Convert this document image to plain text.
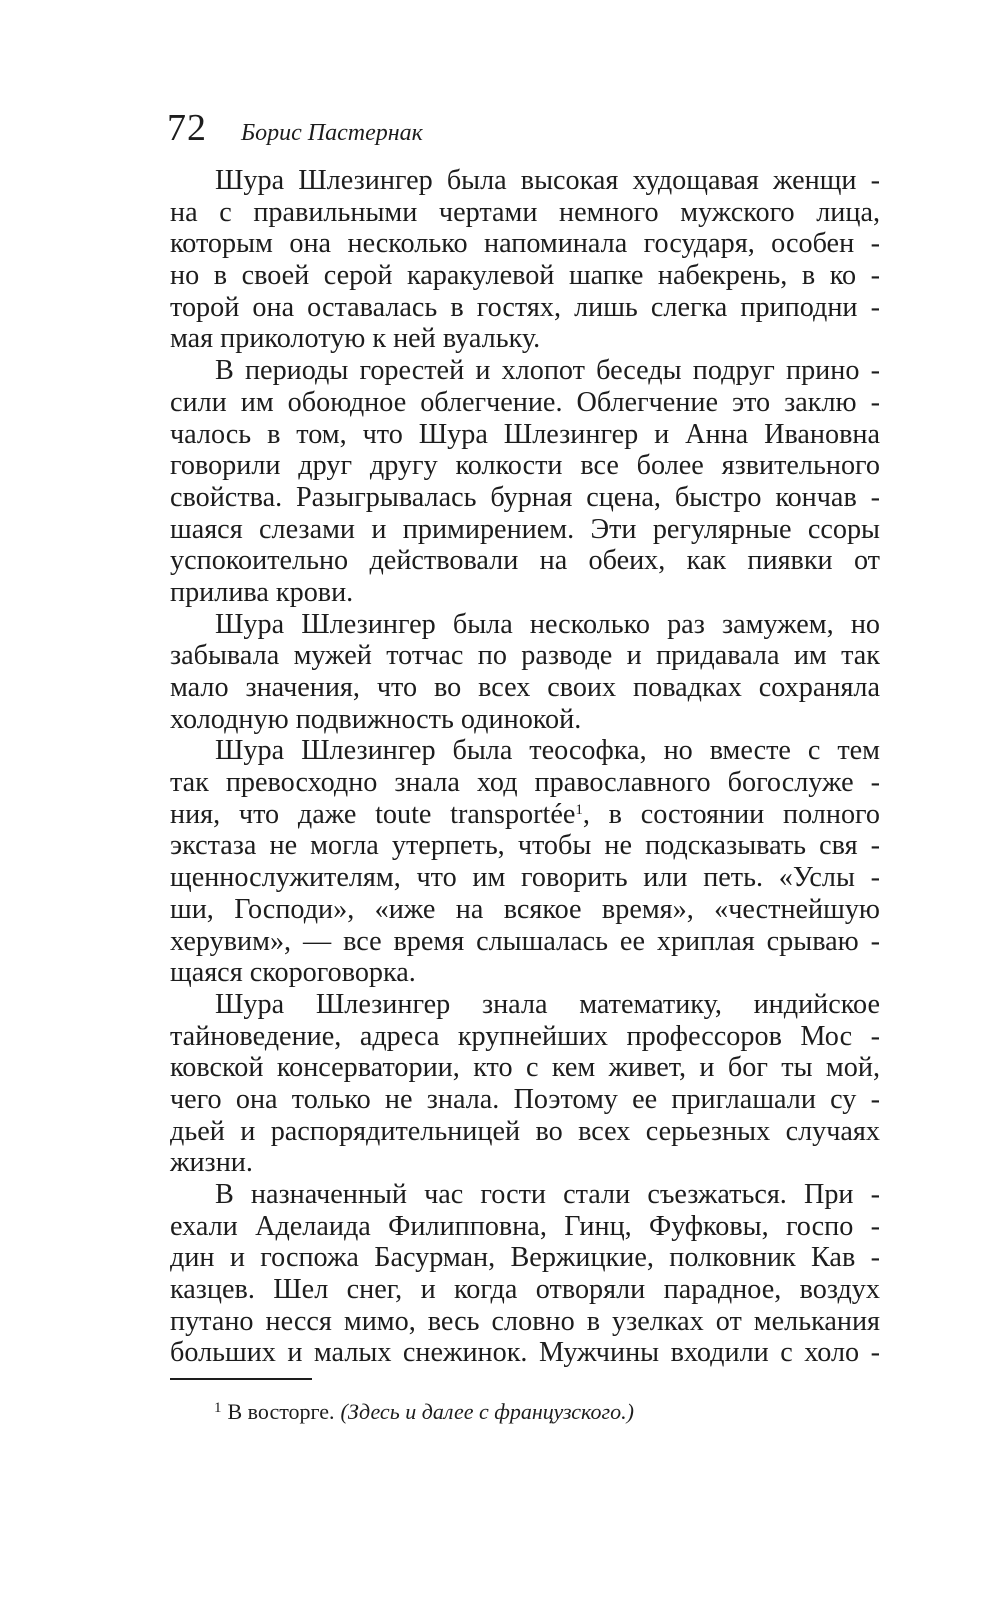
72 Борис Пастернак
Шура Шлезингер была высокая худощавая женщи -
на с правильными чертами немного мужского лица,
которым она несколько напоминала государя, особен -
но в своей серой каракулевой шапке набекрень, в ко -
торой она оставалась в гостях, лишь слегка приподни -
мая приколотую к ней вуальку.
В периоды горестей и хлопот беседы подруг прино -
сили им обоюдное облегчение. Облегчение это заклю -
чалось в том, что Шура Шлезингер и Анна Ивановна
говорили друг другу колкости все более язвительного
свойства. Разыгрывалась бурная сцена, быстро кончав -
шаяся слезами и примирением. Эти регулярные ссоры
успокоительно действовали на обеих, как пиявки от
прилива крови.
Шура Шлезингер была несколько раз замужем, но
забывала мужей тотчас по разводе и придавала им так
мало значения, что во всех своих повадках сохраняла
холодную подвижность одинокой.
Шура Шлезингер была теософка, но вместе с тем
так превосходно знала ход православного богослуже -
ния, что даже toute transportée$^1$, в состоянии полного
экстаза не могла утерпеть, чтобы не подсказывать свя -
щеннослужителям, что им говорить или петь. «Услы -
ши, Господи», «иже на всякое время», «честнейшую
херувим», — все время слышалась ее хриплая срываю -
щаяся скороговорка.
Шура Шлезингер знала математику, индийское
тайноведение, адреса крупнейших профессоров Мос -
ковской консерватории, кто с кем живет, и бог ты мой,
чего она только не знала. Поэтому ее приглашали су -
дьей и распорядительницей во всех серьезных случаях
жизни.
В назначенный час гости стали съезжаться. При -
ехали Аделаида Филипповна, Гинц, Фуфковы, госпо -
дин и госпожа Басурман, Вержицкие, полковник Кав -
казцев. Шел снег, и когда отворяли парадное, воздух
путано несся мимо, весь словно в узелках от мелькания
больших и малых снежинок. Мужчины входили с холо -
$^1$ В восторге. (Здесь и далее с французского.)
